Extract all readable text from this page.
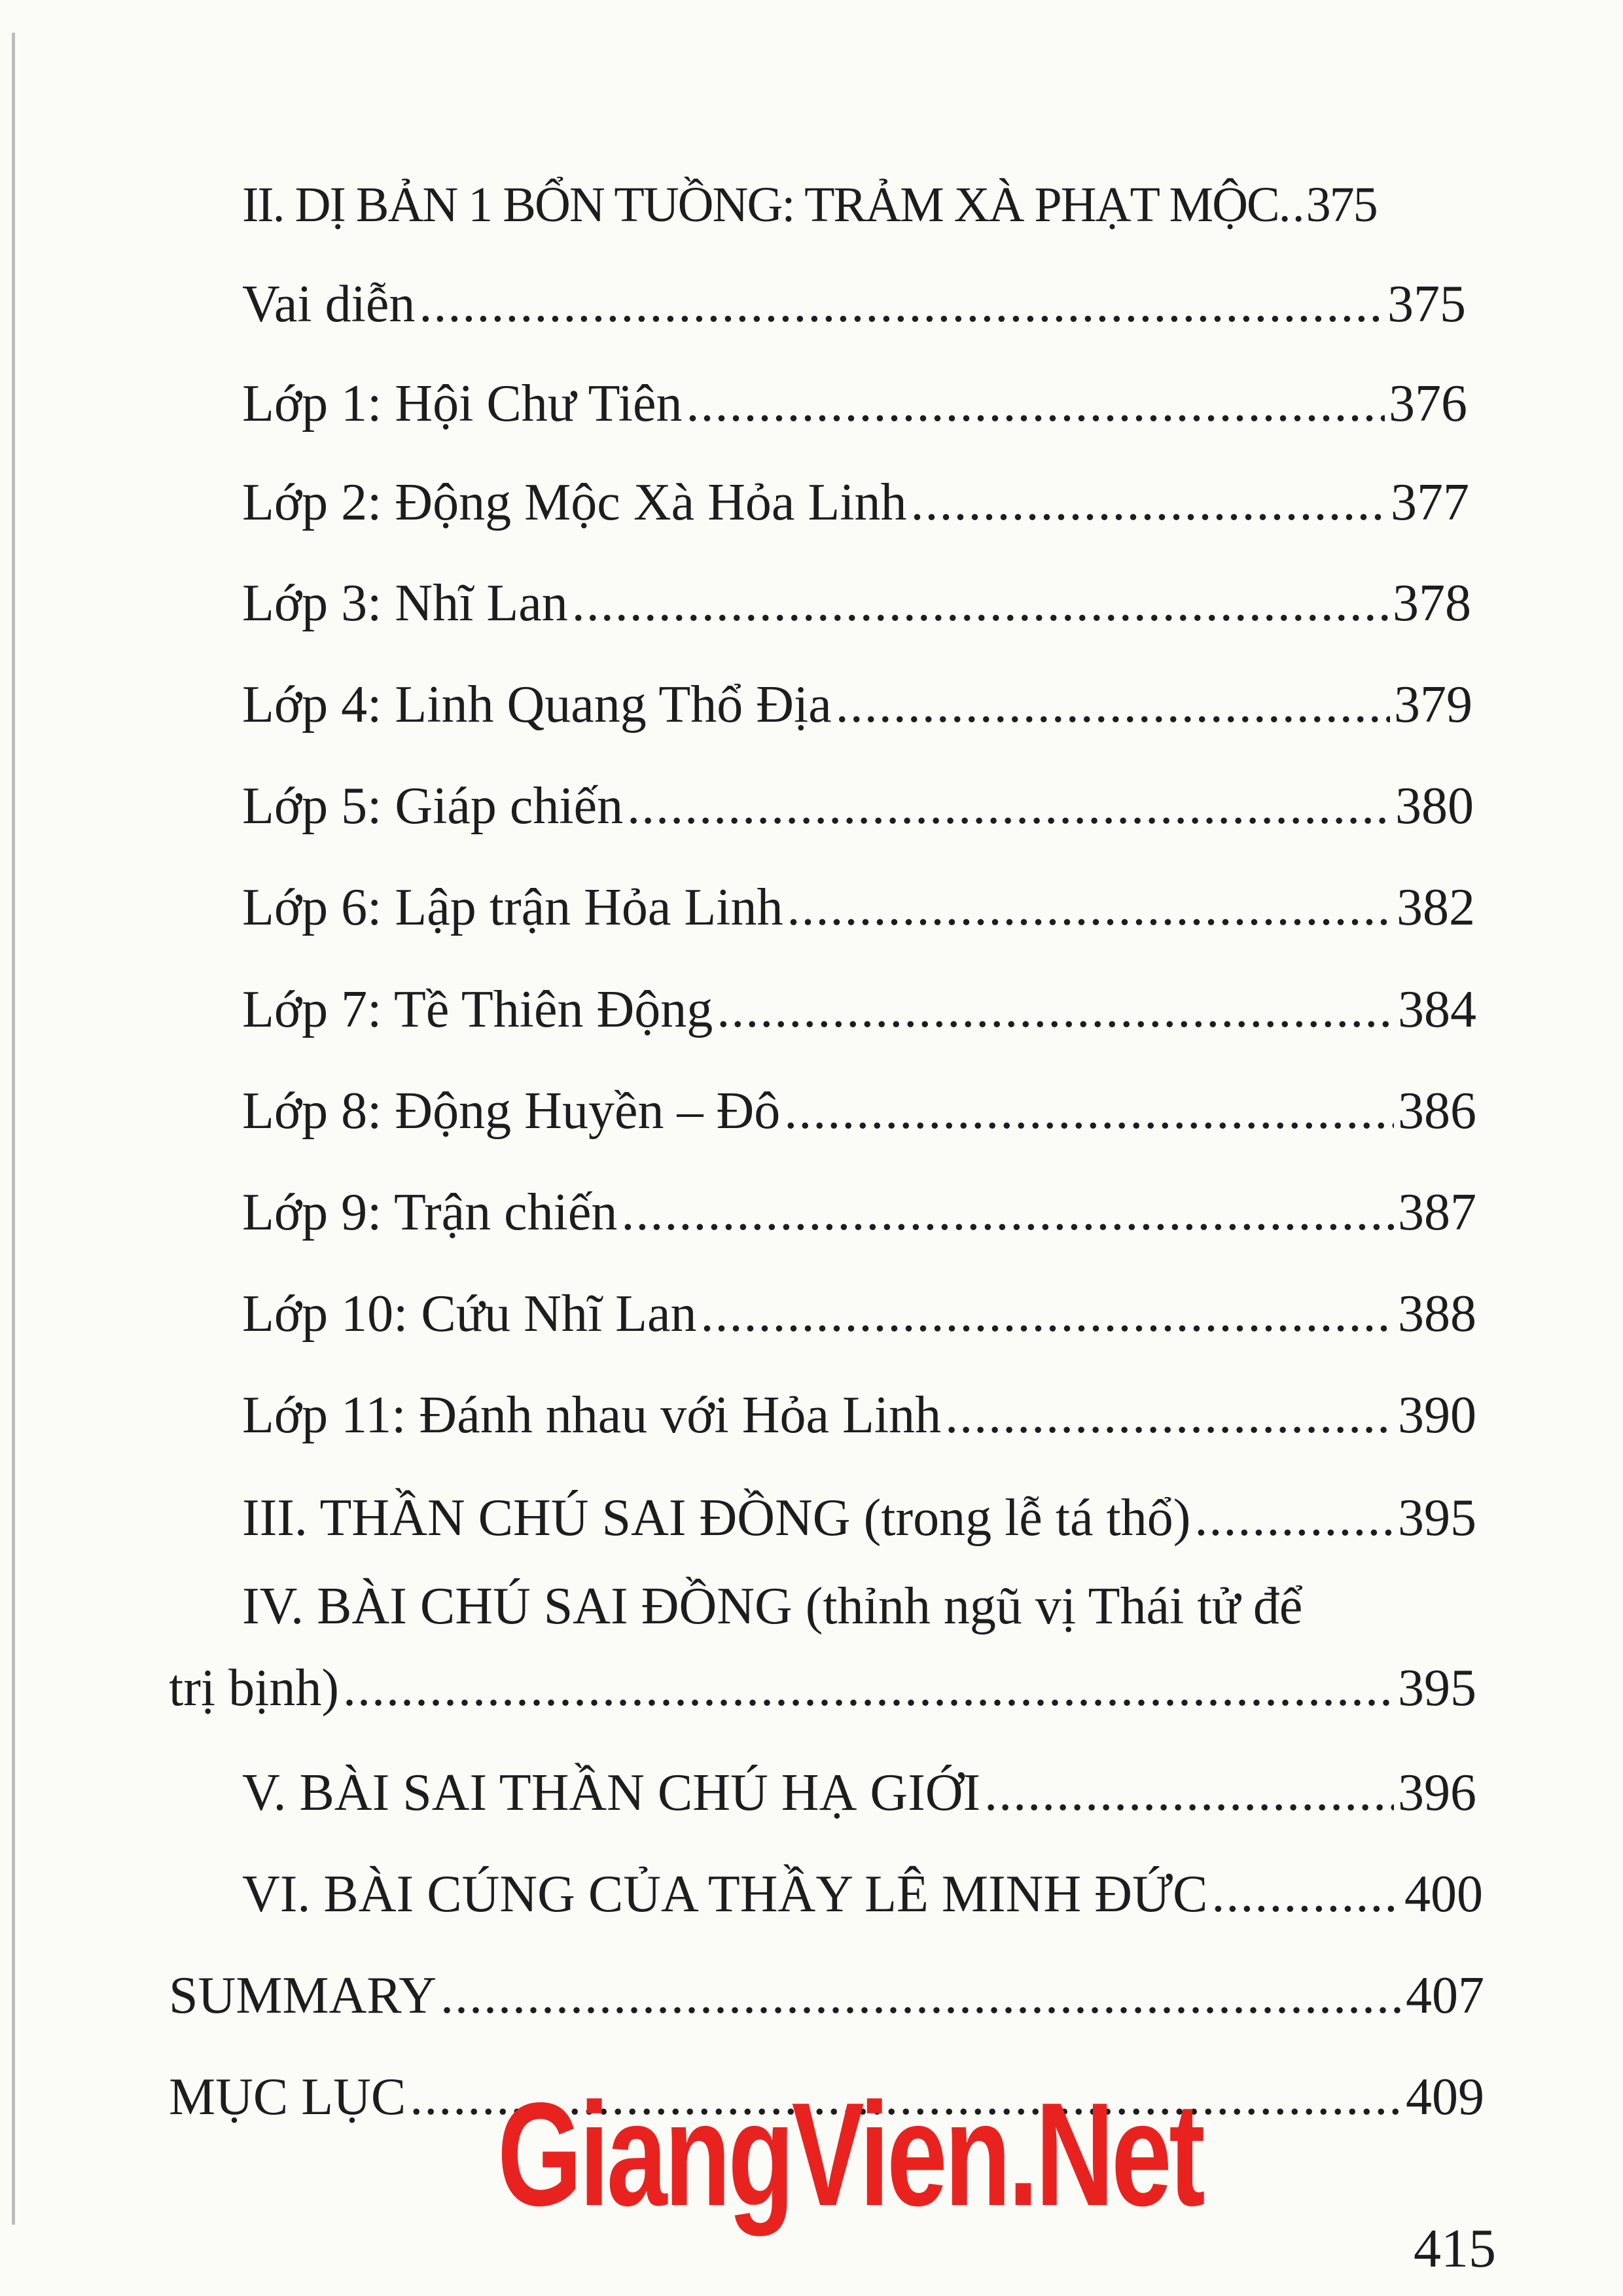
II. DỊ BẢN 1 BỔN TUỒNG: TRẢM XÀ PHẠT MỘC .. 375
Vai diễn .....	375
Lớp 1: Hội Chư Tiên .....	376
Lớp 2: Động Mộc Xà Hỏa Linh .....	377
Lớp 3: Nhĩ Lan .....	378
Lớp 4: Linh Quang Thổ Địa .....	379
Lớp 5: Giáp chiến .....	380
Lớp 6: Lập trận Hỏa Linh .....	382
Lớp 7: Tề Thiên Động .....	384
Lớp 8: Động Huyền – Đô .....	386
Lớp 9: Trận chiến .....	387
Lớp 10: Cứu Nhĩ Lan .....	388
Lớp 11: Đánh nhau với Hỏa Linh .....	390
III. THẦN CHÚ SAI ĐỒNG (trong lễ tá thổ) .....	395
IV. BÀI CHÚ SAI ĐỒNG (thỉnh ngũ vị Thái tử để
trị bịnh) .....	395
V. BÀI SAI THẦN CHÚ HẠ GIỚI .....	396
VI. BÀI CÚNG CỦA THẦY LÊ MINH ĐỨC .....	400
SUMMARY .....	407
MỤC LỤC .....	409
GiangVien.Net
415
